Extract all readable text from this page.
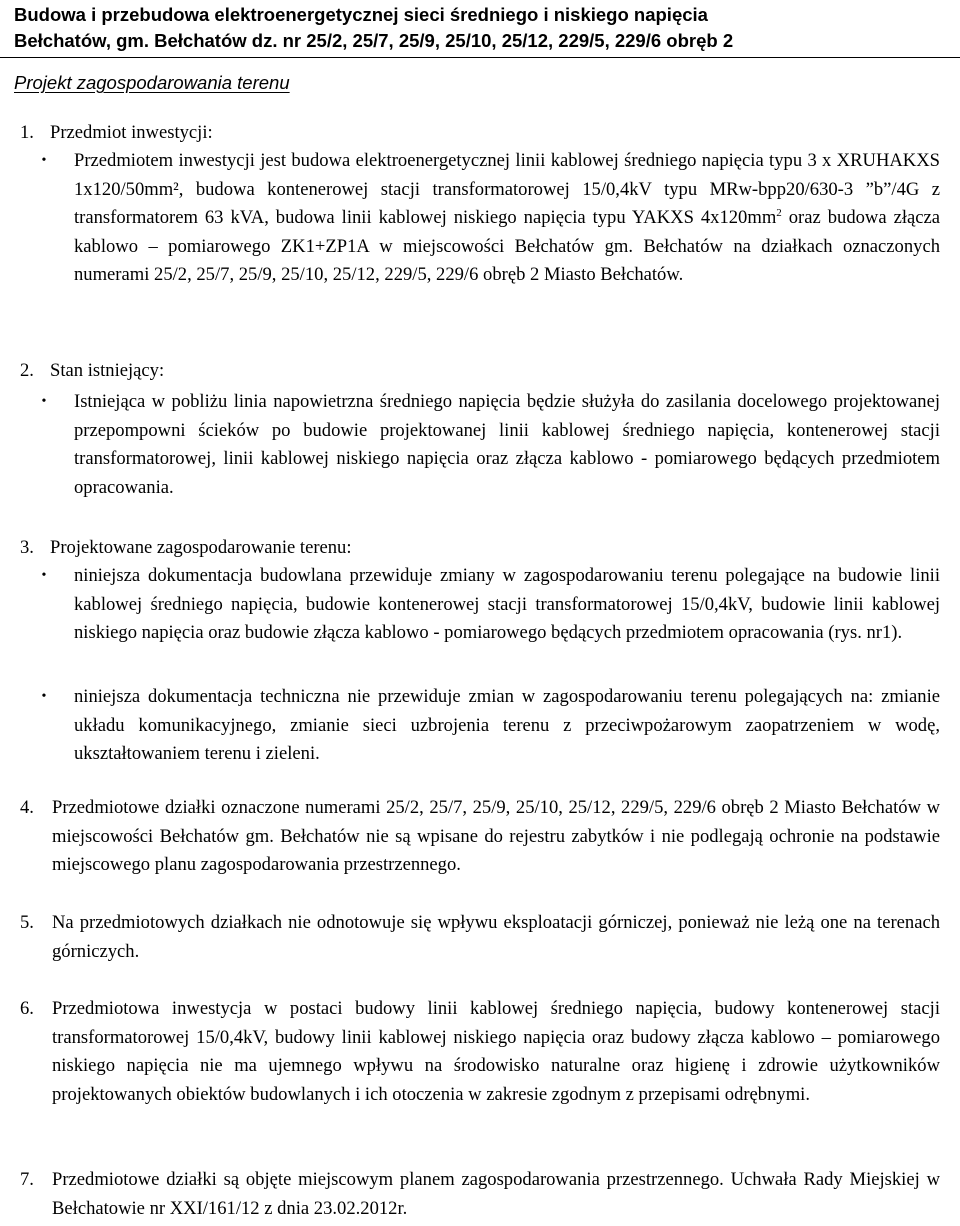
Budowa i przebudowa elektroenergetycznej sieci średniego i niskiego napięcia
Bełchatów, gm. Bełchatów dz. nr 25/2, 25/7, 25/9, 25/10, 25/12, 229/5, 229/6 obręb 2
Projekt zagospodarowania terenu
1. Przedmiot inwestycji:
• Przedmiotem inwestycji jest budowa elektroenergetycznej linii kablowej średniego napięcia typu 3 x XRUHAKXS 1x120/50mm², budowa kontenerowej stacji transformatorowej 15/0,4kV typu MRw-bpp20/630-3 ”b”/4G z transformatorem 63 kVA, budowa linii kablowej niskiego napięcia typu YAKXS $4x120mm^2$ oraz budowa złącza kablowo – pomiarowego ZK1+ZP1A w miejscowości Bełchatów gm. Bełchatów na działkach oznaczonych numerami 25/2, 25/7, 25/9, 25/10, 25/12, 229/5, 229/6 obręb 2 Miasto Bełchatów.
2. Stan istniejący:
• Istniejąca w pobliżu linia napowietrzna średniego napięcia będzie służyła do zasilania docelowego projektowanej przepompowni ścieków po budowie projektowanej linii kablowej średniego napięcia, kontenerowej stacji transformatorowej, linii kablowej niskiego napięcia oraz złącza kablowo - pomiarowego będących przedmiotem opracowania.
3. Projektowane zagospodarowanie terenu:
• niniejsza dokumentacja budowlana przewiduje zmiany w zagospodarowaniu terenu polegające na budowie linii kablowej średniego napięcia, budowie kontenerowej stacji transformatorowej 15/0,4kV, budowie linii kablowej niskiego napięcia oraz budowie złącza kablowo - pomiarowego będących przedmiotem opracowania (rys. nr1).
• niniejsza dokumentacja techniczna nie przewiduje zmian w zagospodarowaniu terenu polegających na: zmianie układu komunikacyjnego, zmianie sieci uzbrojenia terenu z przeciwpożarowym zaopatrzeniem w wodę, ukształtowaniem terenu i zieleni.
4. Przedmiotowe działki oznaczone numerami 25/2, 25/7, 25/9, 25/10, 25/12, 229/5, 229/6 obręb 2 Miasto Bełchatów w miejscowości Bełchatów gm. Bełchatów nie są wpisane do rejestru zabytków i nie podlegają ochronie na podstawie miejscowego planu zagospodarowania przestrzennego.
5. Na przedmiotowych działkach nie odnotowuje się wpływu eksploatacji górniczej, ponieważ nie leżą one na terenach górniczych.
6. Przedmiotowa inwestycja w postaci budowy linii kablowej średniego napięcia, budowy kontenerowej stacji transformatorowej 15/0,4kV, budowy linii kablowej niskiego napięcia oraz budowy złącza kablowo – pomiarowego niskiego napięcia nie ma ujemnego wpływu na środowisko naturalne oraz higienę i zdrowie użytkowników projektowanych obiektów budowlanych i ich otoczenia w zakresie zgodnym z przepisami odrębnymi.
7. Przedmiotowe działki są objęte miejscowym planem zagospodarowania przestrzennego. Uchwała Rady Miejskiej w Bełchatowie nr XXI/161/12 z dnia 23.02.2012r.
